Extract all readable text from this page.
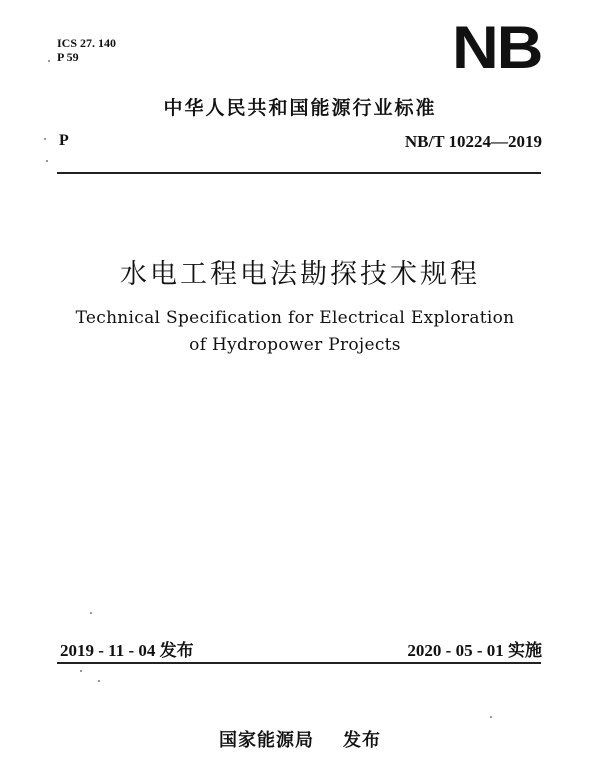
ICS 27. 140
P 59	NB
中华人民共和国能源行业标准
P	NB/T 10224—2019
水电工程电法勘探技术规程
Technical Specification for Electrical Exploration
of Hydropower Projects
2019 - 11 - 04 发布	2020 - 05 - 01 实施
国家能源局 发布
